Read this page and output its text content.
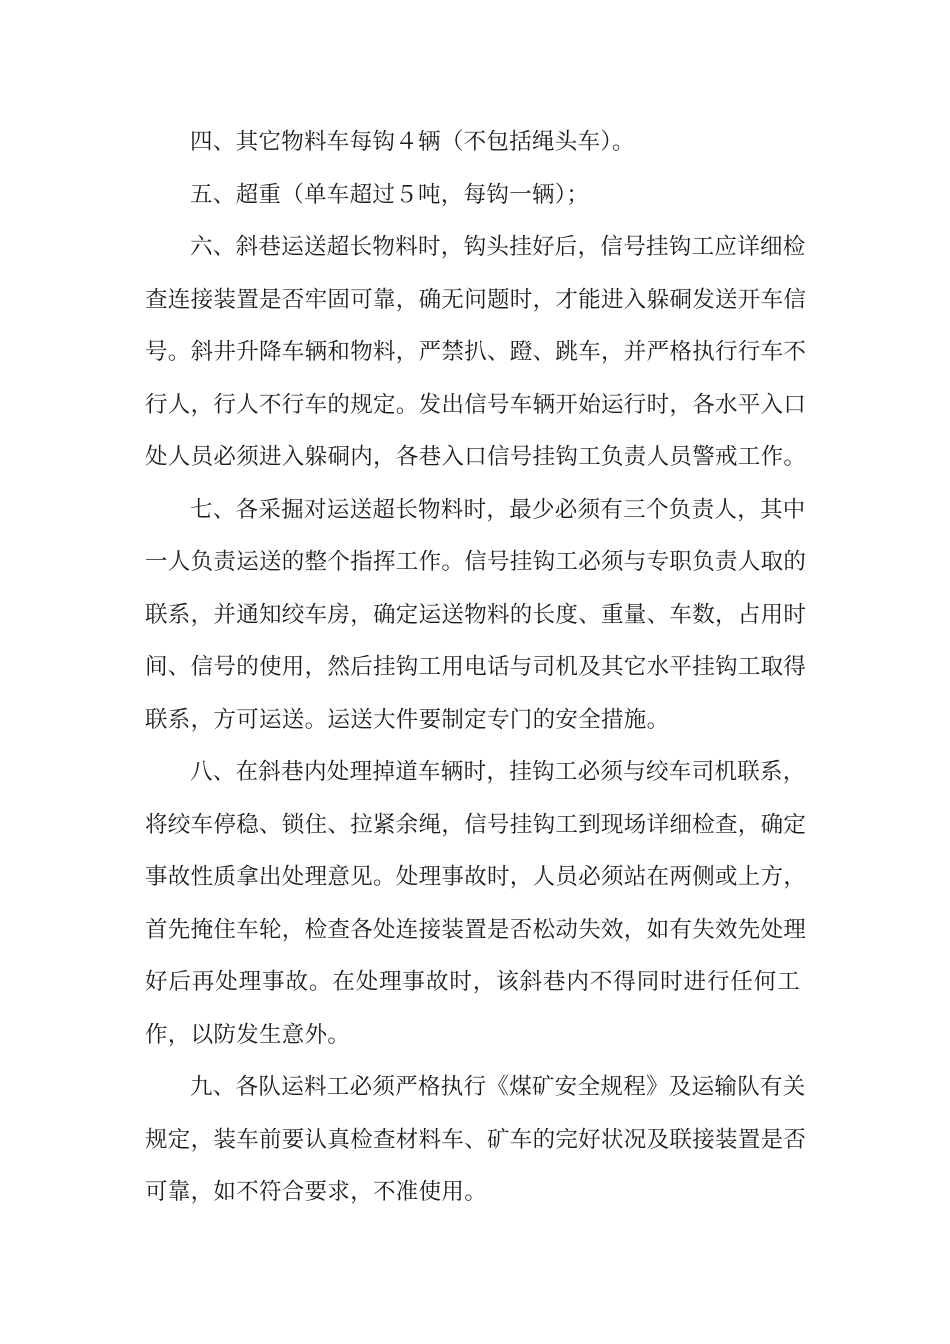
四、其它物料车每钩４辆（不包括绳头车）。
五、超重（单车超过５吨，每钩一辆）；
六、斜巷运送超长物料时，钩头挂好后，信号挂钩工应详细检
查连接装置是否牢固可靠，确无问题时，才能进入躲硐发送开车信
号。斜井升降车辆和物料，严禁扒、蹬、跳车，并严格执行行车不
行人，行人不行车的规定。发出信号车辆开始运行时，各水平入口
处人员必须进入躲硐内，各巷入口信号挂钩工负责人员警戒工作。
七、各采掘对运送超长物料时，最少必须有三个负责人，其中
一人负责运送的整个指挥工作。信号挂钩工必须与专职负责人取的
联系，并通知绞车房，确定运送物料的长度、重量、车数，占用时
间、信号的使用，然后挂钩工用电话与司机及其它水平挂钩工取得
联系，方可运送。运送大件要制定专门的安全措施。
八、在斜巷内处理掉道车辆时，挂钩工必须与绞车司机联系，
将绞车停稳、锁住、拉紧余绳，信号挂钩工到现场详细检查，确定
事故性质拿出处理意见。处理事故时，人员必须站在两侧或上方，
首先掩住车轮，检查各处连接装置是否松动失效，如有失效先处理
好后再处理事故。在处理事故时，该斜巷内不得同时进行任何工
作，以防发生意外。
九、各队运料工必须严格执行《煤矿安全规程》及运输队有关
规定，装车前要认真检查材料车、矿车的完好状况及联接装置是否
可靠，如不符合要求，不准使用。
